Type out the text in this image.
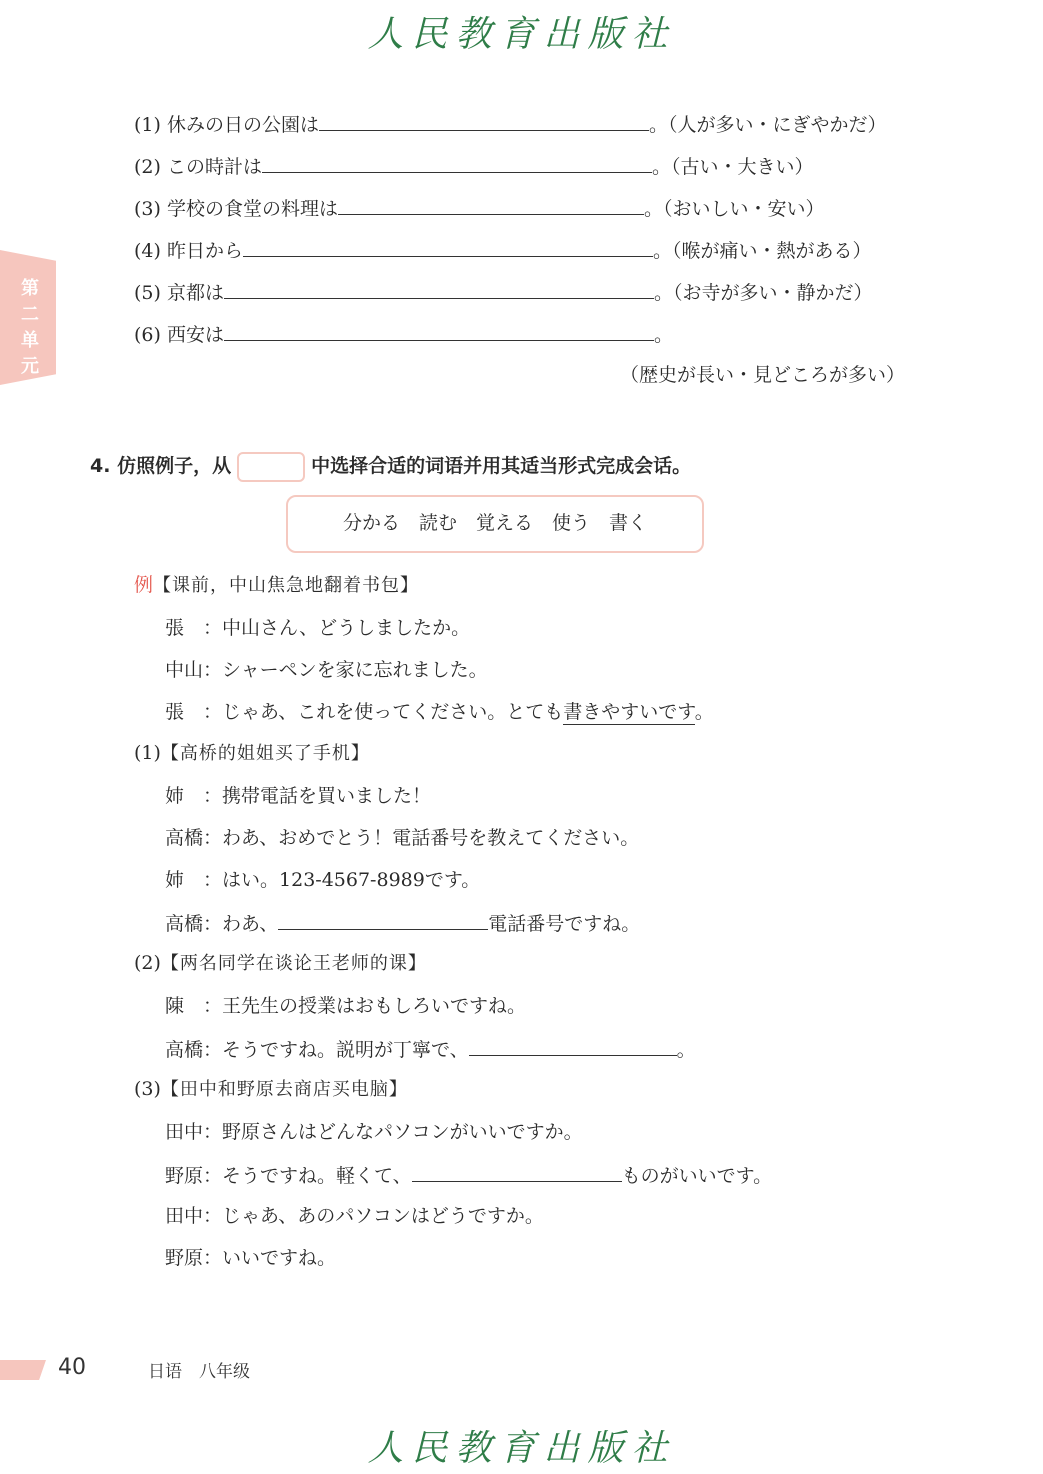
人民教育出版社
第二单元
(1) 休みの日の公園は	。（人が多い・にぎやかだ）
(2) この時計は	。（古い・大きい）
(3) 学校の食堂の料理は	。（おいしい・安い）
(4) 昨日から	。（喉が痛い・熱がある）
(5) 京都は	。（お寺が多い・静かだ）
(6) 西安は	。
（歴史が長い・見どころが多い）
4. 仿照例子，从	中选择合适的词语并用其适当形式完成会话。
分かる　読む　覚える　使う　書く
例【课前，中山焦急地翻着书包】
張　：中山さん、どうしましたか。
中山：シャーペンを家に忘れました。
張　：じゃあ、これを使ってください。とても書きやすいです。
(1)【高桥的姐姐买了手机】
姉　：携帯電話を買いました！
高橋：わあ、おめでとう！電話番号を教えてください。
姉　：はい。123-4567-8989です。
高橋：わあ、	電話番号ですね。
(2)【两名同学在谈论王老师的课】
陳　：王先生の授業はおもしろいですね。
高橋：そうですね。説明が丁寧で、	。
(3)【田中和野原去商店买电脑】
田中：野原さんはどんなパソコンがいいですか。
野原：そうですね。軽くて、	ものがいいです。
田中：じゃあ、あのパソコンはどうですか。
野原：いいですね。
40	日语　八年级
人民教育出版社
